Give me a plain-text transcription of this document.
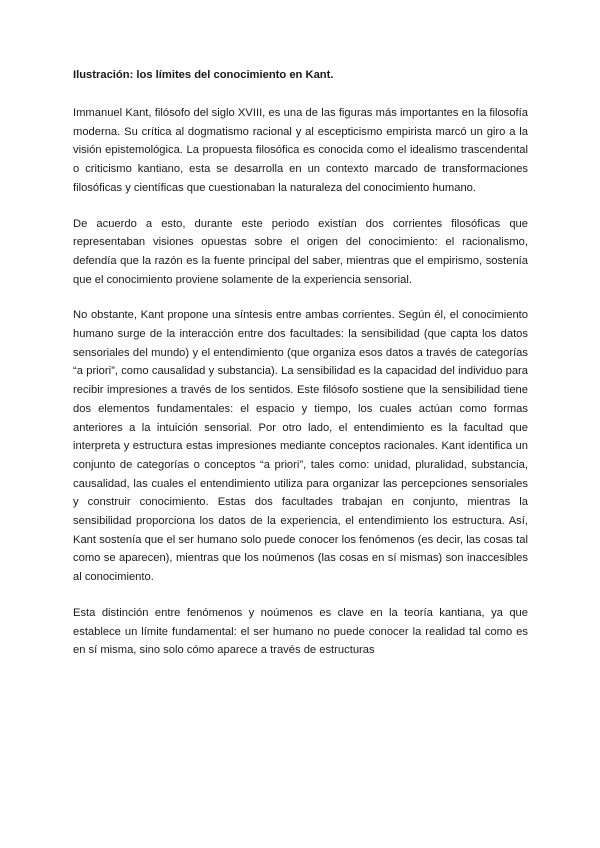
Ilustración: los límites del conocimiento en Kant.

Immanuel Kant, filósofo del siglo XVIII, es una de las figuras más importantes en la filosofía moderna. Su crítica al dogmatismo racional y al escepticismo empirista marcó un giro a la visión epistemológica. La propuesta filosófica es conocida como el idealismo trascendental o criticismo kantiano, esta se desarrolla en un contexto marcado de transformaciones filosóficas y científicas que cuestionaban la naturaleza del conocimiento humano.

De acuerdo a esto, durante este periodo existían dos corrientes filosóficas que representaban visiones opuestas sobre el origen del conocimiento: el racionalismo, defendía que la razón es la fuente principal del saber, mientras que el empirismo, sostenía que el conocimiento proviene solamente de la experiencia sensorial.

No obstante, Kant propone una síntesis entre ambas corrientes. Según él, el conocimiento humano surge de la interacción entre dos facultades: la sensibilidad (que capta los datos sensoriales del mundo) y el entendimiento (que organiza esos datos a través de categorías “a priori”, como causalidad y substancia). La sensibilidad es la capacidad del individuo para recibir impresiones a través de los sentidos. Este filósofo sostiene que la sensibilidad tiene dos elementos fundamentales: el espacio y tiempo, los cuales actúan como formas anteriores a la intuición sensorial. Por otro lado, el entendimiento es la facultad que interpreta y estructura estas impresiones mediante conceptos racionales. Kant identifica un conjunto de categorías o conceptos “a priori”, tales como: unidad, pluralidad, substancia, causalidad, las cuales el entendimiento utiliza para organizar las percepciones sensoriales y construir conocimiento. Estas dos facultades trabajan en conjunto, mientras la sensibilidad proporciona los datos de la experiencia, el entendimiento los estructura. Así, Kant sostenía que el ser humano solo puede conocer los fenómenos (es decir, las cosas tal como se aparecen), mientras que los noúmenos (las cosas en sí mismas) son inaccesibles al conocimiento.

Esta distinción entre fenómenos y noúmenos es clave en la teoría kantiana, ya que establece un límite fundamental: el ser humano no puede conocer la realidad tal como es en sí misma, sino solo cómo aparece a través de estructuras
